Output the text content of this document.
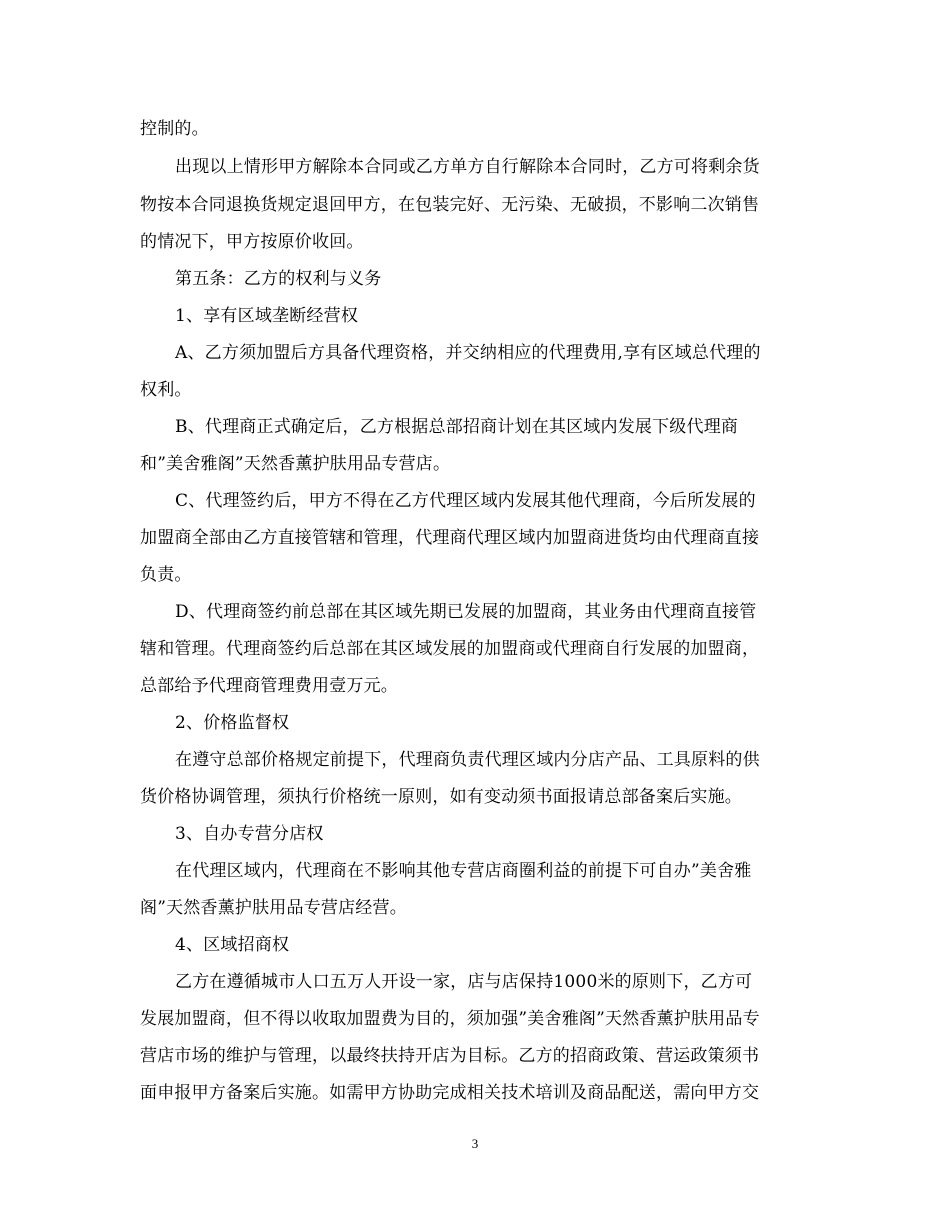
控制的。
出现以上情形甲方解除本合同或乙方单方自行解除本合同时，乙方可将剩余货
物按本合同退换货规定退回甲方，在包装完好、无污染、无破损，不影响二次销售
的情况下，甲方按原价收回。
第五条：乙方的权利与义务
1、享有区域垄断经营权
A、乙方须加盟后方具备代理资格，并交纳相应的代理费用,享有区域总代理的
权利。
B、代理商正式确定后，乙方根据总部招商计划在其区域内发展下级代理商
和”美舍雅阁”天然香薰护肤用品专营店。
C、代理签约后，甲方不得在乙方代理区域内发展其他代理商，今后所发展的
加盟商全部由乙方直接管辖和管理，代理商代理区域内加盟商进货均由代理商直接
负责。
D、代理商签约前总部在其区域先期已发展的加盟商，其业务由代理商直接管
辖和管理。代理商签约后总部在其区域发展的加盟商或代理商自行发展的加盟商，
总部给予代理商管理费用壹万元。
2、价格监督权
在遵守总部价格规定前提下，代理商负责代理区域内分店产品、工具原料的供
货价格协调管理，须执行价格统一原则，如有变动须书面报请总部备案后实施。
3、自办专营分店权
在代理区域内，代理商在不影响其他专营店商圈利益的前提下可自办”美舍雅
阁”天然香薰护肤用品专营店经营。
4、区域招商权
乙方在遵循城市人口五万人开设一家，店与店保持1000米的原则下，乙方可
发展加盟商，但不得以收取加盟费为目的，须加强”美舍雅阁”天然香薰护肤用品专
营店市场的维护与管理，以最终扶持开店为目标。乙方的招商政策、营运政策须书
面申报甲方备案后实施。如需甲方协助完成相关技术培训及商品配送，需向甲方交
3
